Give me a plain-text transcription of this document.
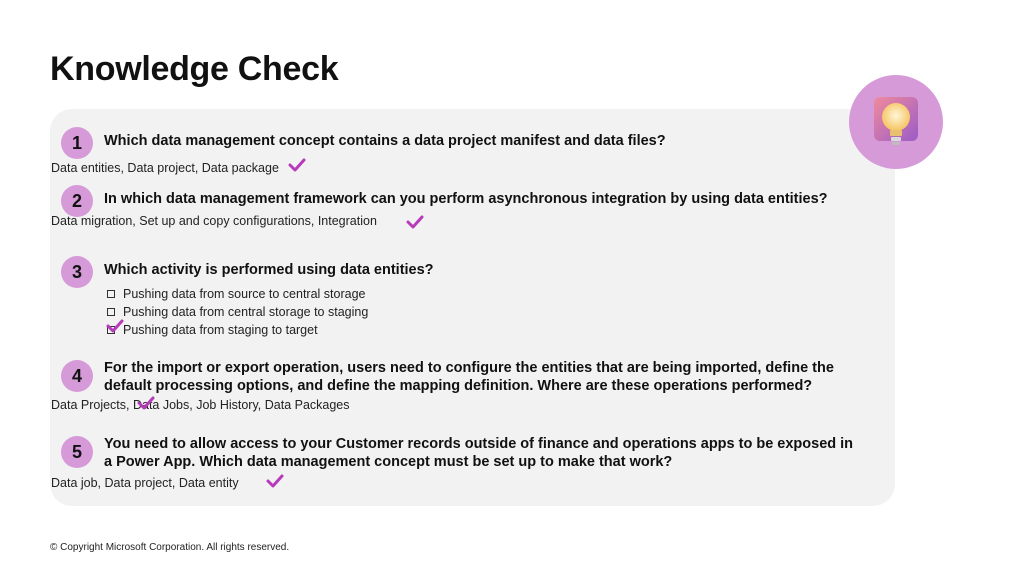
Knowledge Check
1	Which data management concept contains a data project manifest and data files?
Data entities, Data project, Data package
2	In which data management framework can you perform asynchronous integration by using data entities?
Data migration, Set up and copy configurations, Integration
3	Which activity is performed using data entities?
Pushing data from source to central storage
Pushing data from central storage to staging
Pushing data from staging to target
4	For the import or export operation, users need to configure the entities that are being imported, define the default processing options, and define the mapping definition. Where are these operations performed?
Data Projects, Data Jobs, Job History, Data Packages
5	You need to allow access to your Customer records outside of finance and operations apps to be exposed in a Power App. Which data management concept must be set up to make that work?
Data job, Data project, Data entity
© Copyright Microsoft Corporation. All rights reserved.
